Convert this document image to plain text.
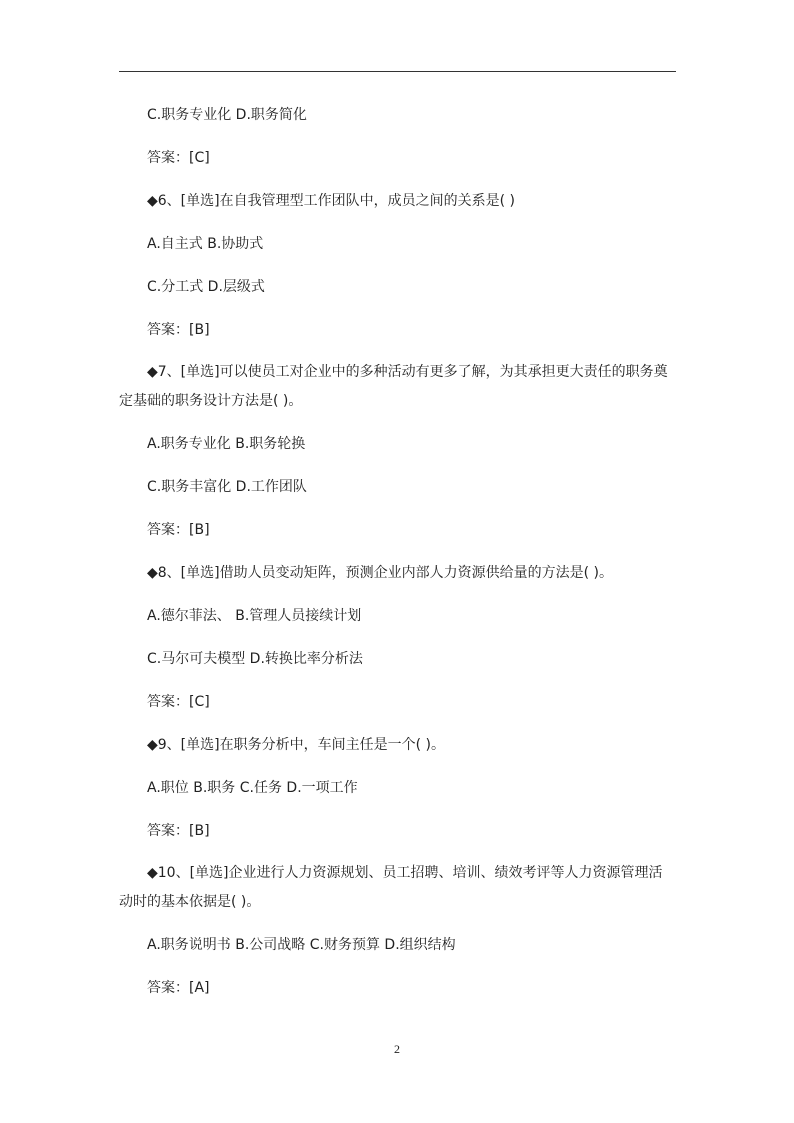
C.职务专业化 D.职务简化
答案：[C]
◆6、[单选]在自我管理型工作团队中，成员之间的关系是( )
A.自主式 B.协助式
C.分工式 D.层级式
答案：[B]
◆7、[单选]可以使员工对企业中的多种活动有更多了解，为其承担更大责任的职务奠定基础的职务设计方法是( )。
A.职务专业化 B.职务轮换
C.职务丰富化 D.工作团队
答案：[B]
◆8、[单选]借助人员变动矩阵，预测企业内部人力资源供给量的方法是( )。
A.德尔菲法、 B.管理人员接续计划
C.马尔可夫模型 D.转换比率分析法
答案：[C]
◆9、[单选]在职务分析中，车间主任是一个( )。
A.职位 B.职务 C.任务 D.一项工作
答案：[B]
◆10、[单选]企业进行人力资源规划、员工招聘、培训、绩效考评等人力资源管理活动时的基本依据是( )。
A.职务说明书 B.公司战略 C.财务预算 D.组织结构
答案：[A]
2
